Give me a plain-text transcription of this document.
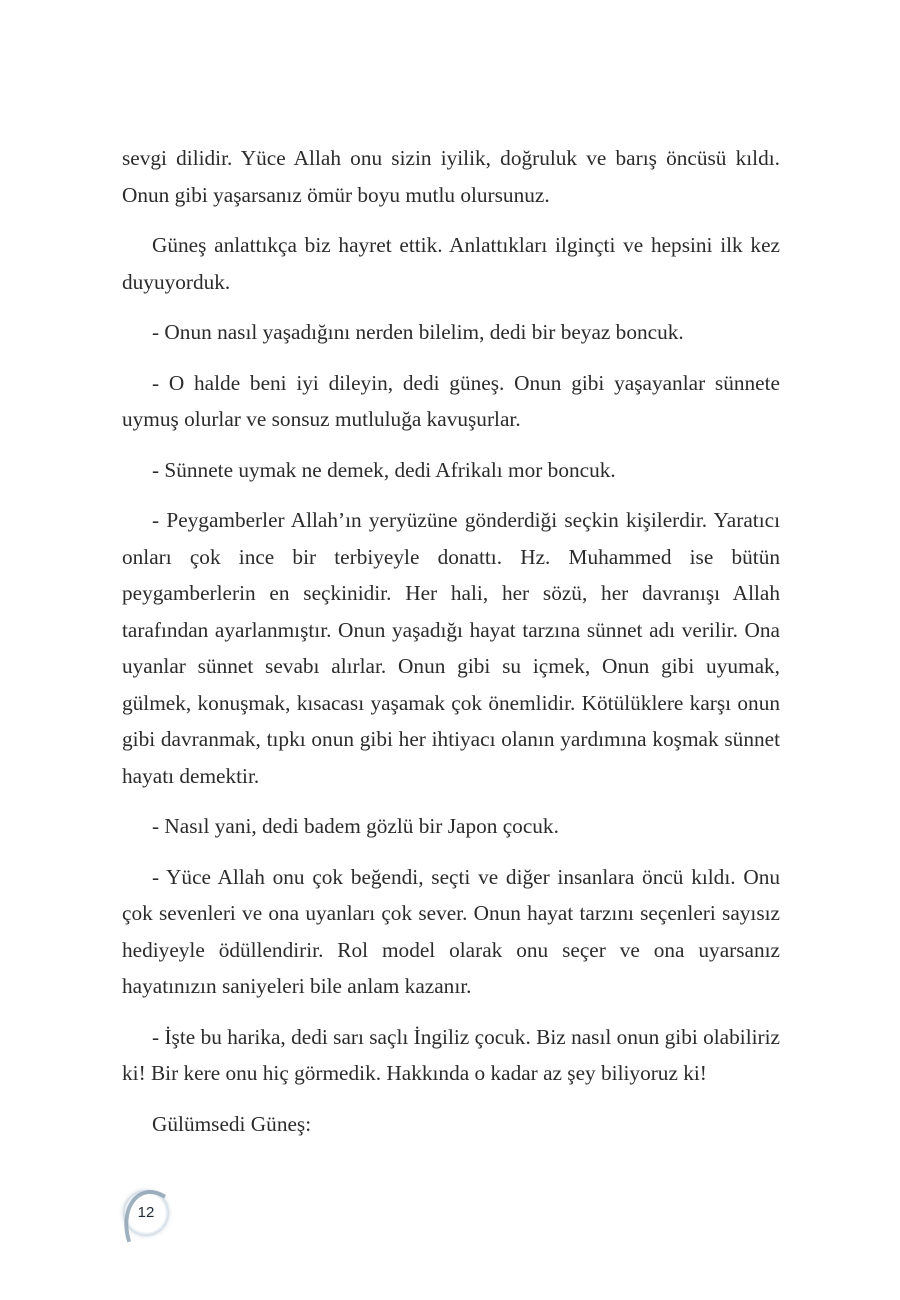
sevgi dilidir. Yüce Allah onu sizin iyilik, doğruluk ve barış öncüsü kıldı. Onun gibi yaşarsanız ömür boyu mutlu olursunuz.

Güneş anlattıkça biz hayret ettik. Anlattıkları ilginçti ve hepsini ilk kez duyuyorduk.

- Onun nasıl yaşadığını nerden bilelim, dedi bir beyaz boncuk.

- O halde beni iyi dileyin, dedi güneş. Onun gibi yaşayanlar sünnete uymuş olurlar ve sonsuz mutluluğa kavuşurlar.

- Sünnete uymak ne demek, dedi Afrikalı mor boncuk.

- Peygamberler Allah’ın yeryüzüne gönderdiği seçkin kişilerdir. Yaratıcı onları çok ince bir terbiyeyle donattı. Hz. Muhammed ise bütün peygamberlerin en seçkinidir. Her hali, her sözü, her davranışı Allah tarafından ayarlanmıştır. Onun yaşadığı hayat tarzına sünnet adı verilir. Ona uyanlar sünnet sevabı alırlar. Onun gibi su içmek, Onun gibi uyumak, gülmek, konuşmak, kısacası yaşamak çok önemlidir. Kötülüklere karşı onun gibi davranmak, tıpkı onun gibi her ihtiyacı olanın yardımına koşmak sünnet hayatı demektir.

- Nasıl yani, dedi badem gözlü bir Japon çocuk.

- Yüce Allah onu çok beğendi, seçti ve diğer insanlara öncü kıldı. Onu çok sevenleri ve ona uyanları çok sever. Onun hayat tarzını seçenleri sayısız hediyeyle ödüllendirir. Rol model olarak onu seçer ve ona uyarsanız hayatınızın saniyeleri bile anlam kazanır.

- İşte bu harika, dedi sarı saçlı İngiliz çocuk. Biz nasıl onun gibi olabiliriz ki! Bir kere onu hiç görmedik. Hakkında o kadar az şey biliyoruz ki!

Gülümsedi Güneş:

12
